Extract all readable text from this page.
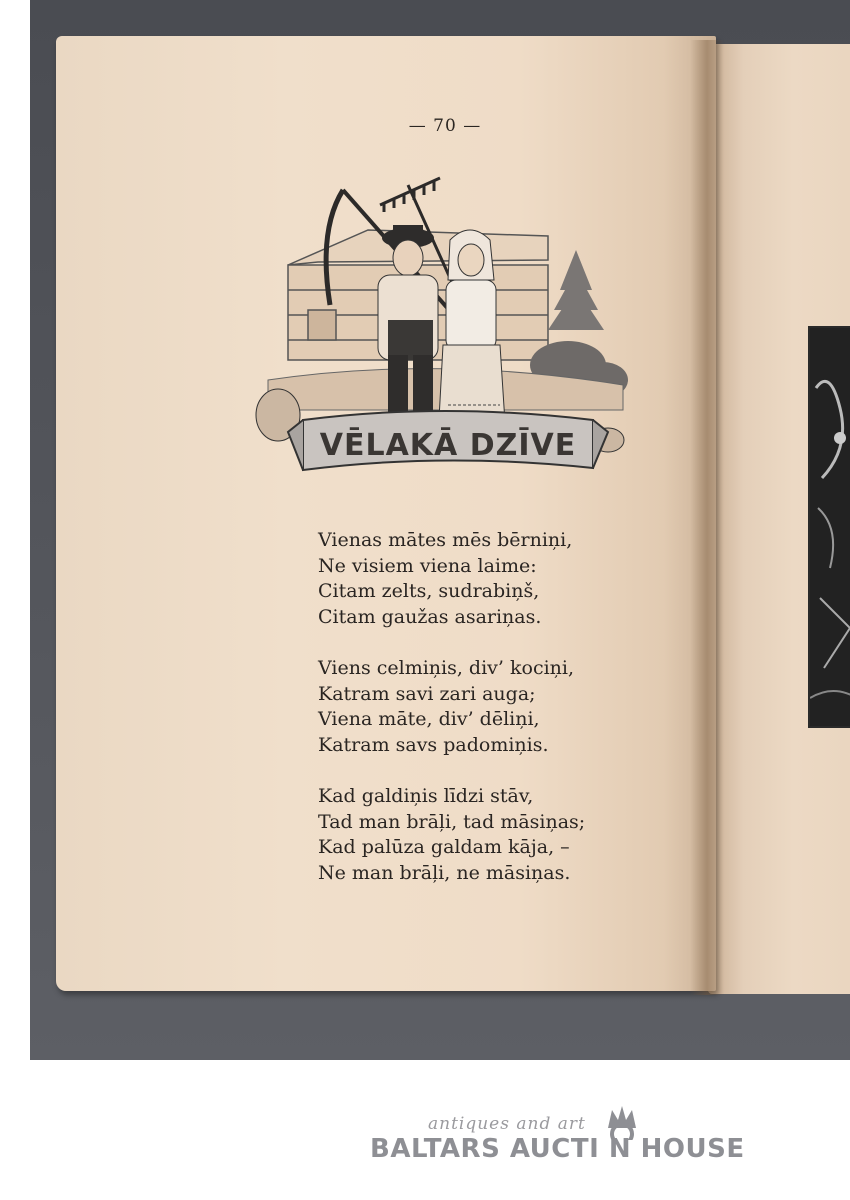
— 70 —
VĒLAKĀ DZĪVE
Vienas mātes mēs bērniņi,
Ne visiem viena laime:
Citam zelts, sudrabiņš,
Citam gaužas asariņas.
Viens celmiņis, div’ kociņi,
Katram savi zari auga;
Viena māte, div’ dēliņi,
Katram savs padomiņis.
Kad galdiņis līdzi stāv,
Tad man brāļi, tad māsiņas;
Kad palūza galdam kāja, –
Ne man brāļi, ne māsiņas.
antiques and art
BALTARS AUCTI N HOUSE
